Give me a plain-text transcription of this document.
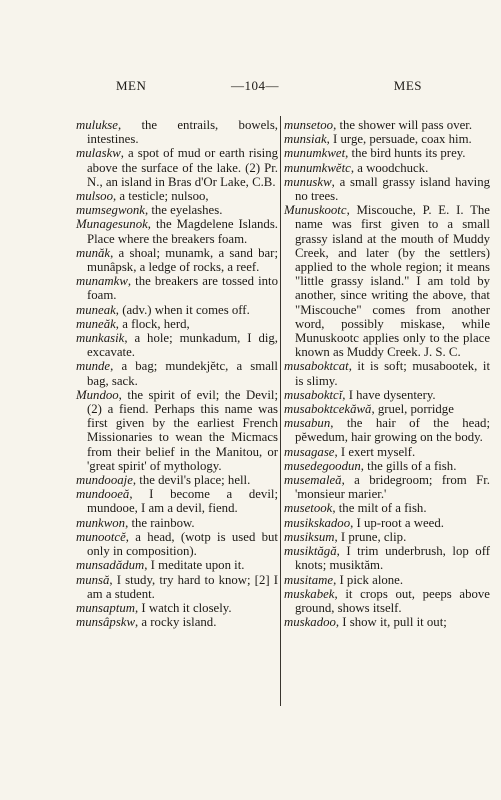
MEN	—104—	MES

mulukse, the entrails, bowels, intestines.

mulaskw, a spot of mud or earth rising above the surface of the lake. (2) Pr. N., an island in Bras d'Or Lake, C.B.

mulsoo, a testicle; nulsoo,

mumsegwonk, the eyelashes.

Munagesunok, the Magdelene Islands. Place where the breakers foam.

munăk, a shoal; munamk, a sand bar; munâpsk, a ledge of rocks, a reef.

munamkw, the breakers are tossed into foam.

muneak, (adv.) when it comes off.

muneăk, a flock, herd,

munkasik, a hole; munkadum, I dig, excavate.

munde, a bag; mundekjĕtc, a small bag, sack.

Mundoo, the spirit of evil; the Devil; (2) a fiend. Perhaps this name was first given by the earliest French Missionaries to wean the Micmacs from their belief in the Manitou, or 'great spirit' of mythology.

mundooaje, the devil's place; hell.

mundooeă, I become a devil; mundooe, I am a devil, fiend.

munkwon, the rainbow.

munootcĕ, a head, (wotp is used but only in composition).

munsadădum, I meditate upon it.

munsă, I study, try hard to know; [2] I am a student.

munsaptum, I watch it closely.

munsâpskw, a rocky island.

munsetoo, the shower will pass over.

munsiak, I urge, persuade, coax him.

munumkwet, the bird hunts its prey.

munumkwĕtc, a woodchuck.

munuskw, a small grassy island having no trees.

Munuskootc, Miscouche, P. E. I. The name was first given to a small grassy island at the mouth of Muddy Creek, and later (by the settlers) applied to the whole region; it means "little grassy island." I am told by another, since writing the above, that "Miscouche" comes from another word, possibly miskase, while Munuskootc applies only to the place known as Muddy Creek. J. S. C.

musaboktcat, it is soft; musabootek, it is slimy.

musaboktcĭ, I have dysentery.

musaboktcekăwă, gruel, porridge

musabun, the hair of the head; pĕwedum, hair growing on the body.

musagase, I exert myself.

musedegoodun, the gills of a fish.

musemaleă, a bridegroom; from Fr. 'monsieur marier.'

musetook, the milt of a fish.

musikskadoo, I up-root a weed.

musiksum, I prune, clip.

musiktăgă, I trim underbrush, lop off knots; musiktăm.

musitame, I pick alone.

muskabek, it crops out, peeps above ground, shows itself.

muskadoo, I show it, pull it out;
